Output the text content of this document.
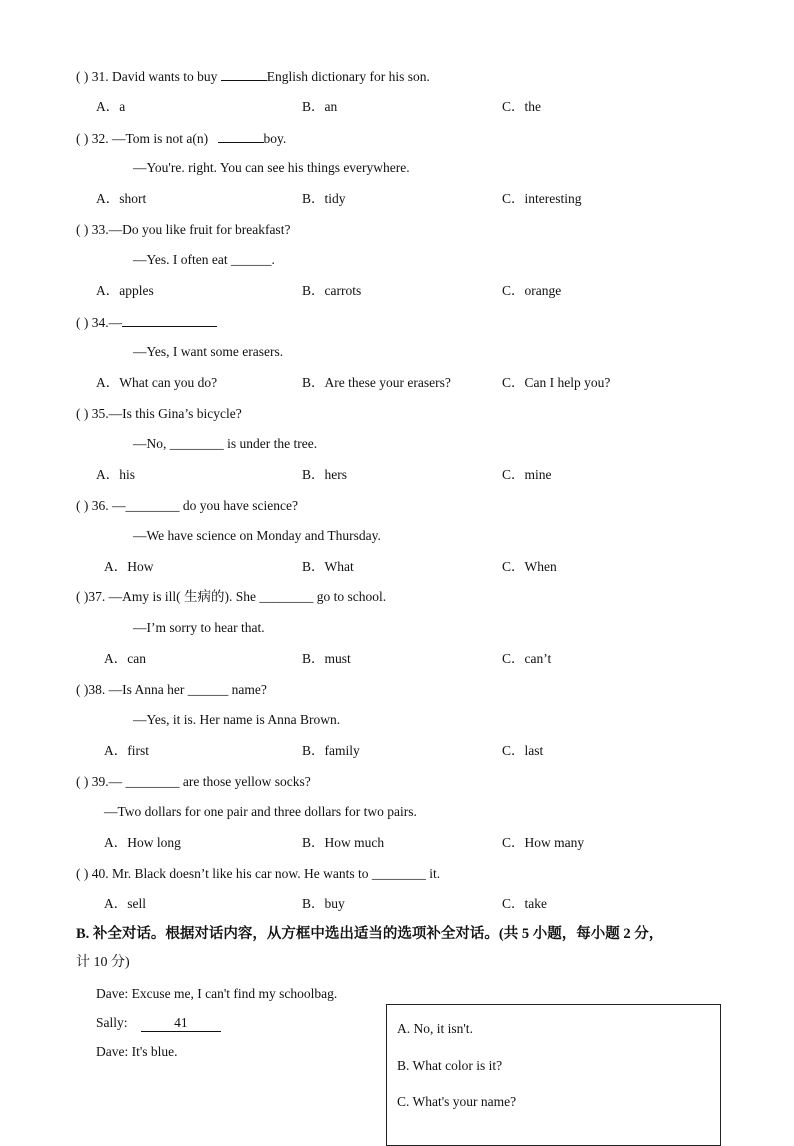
( ) 31. David wants to buy	English dictionary for his son.
A．a	B．an	C．the
( ) 32. —Tom is not a(n)	boy.
—You're. right. You can see his things everywhere.
A．short	B．tidy	C．interesting
( ) 33.—Do you like fruit for breakfast?
—Yes. I often eat ______.
A．apples	B．carrots	C．orange
( ) 34.—
—Yes, I want some erasers.
A．What can you do?	B．Are these your erasers?	C．Can I help you?
( ) 35.—Is this Gina’s bicycle?
—No, ________ is under the tree.
A．his	B．hers	C．mine
( ) 36. —________ do you have science?
—We have science on Monday and Thursday.
A．How	B．What	C．When
( )37. —Amy is ill( 生病的). She ________ go to school.
—I’m sorry to hear that.
A．can	B．must	C．can’t
( )38. —Is Anna her ______ name?
—Yes, it is. Her name is Anna Brown.
A．first	B．family	C．last
( ) 39.— ________ are those yellow socks?
—Two dollars for one pair and three dollars for two pairs.
A．How long	B．How much	C．How many
( ) 40. Mr. Black doesn’t like his car now. He wants to ________ it.
A．sell	B．buy	C．take
B. 补全对话。根据对话内容，从方框中选出适当的选项补全对话。(共 5 小题，每小题 2 分，
计 10 分)
Dave: Excuse me, I can't find my schoolbag.
Sally:	41
Dave: It's blue.
A. No, it isn't.
B. What color is it?
C. What's your name?
